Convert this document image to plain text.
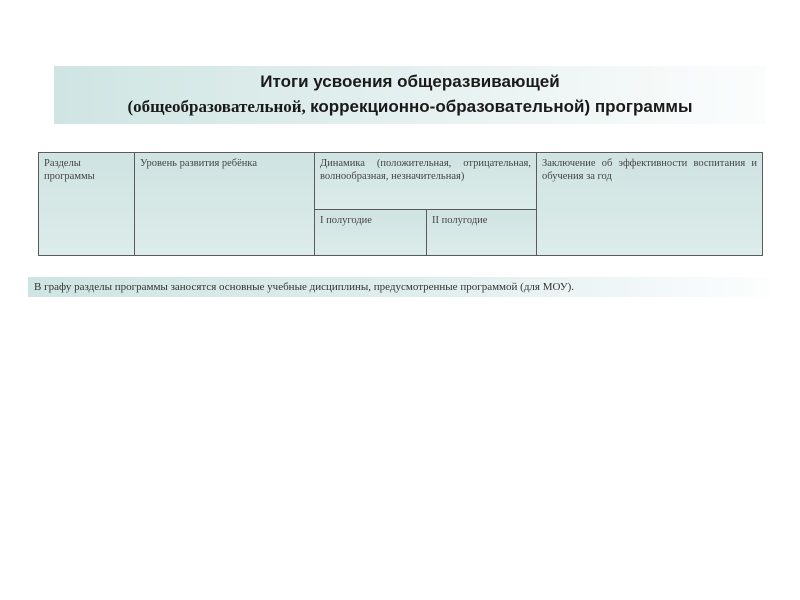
Итоги усвоения общеразвивающей
(общеобразовательной, коррекционно-образовательной) программы
Разделы программы	Уровень развития ребёнка	Динамика (положительная, отрицательная, волнообразная, незначительная)		Заключение об эффективности воспитания и обучения за год
		I полугодие	II полугодие	
В графу разделы программы заносятся основные учебные дисциплины, предусмотренные программой (для МОУ).
